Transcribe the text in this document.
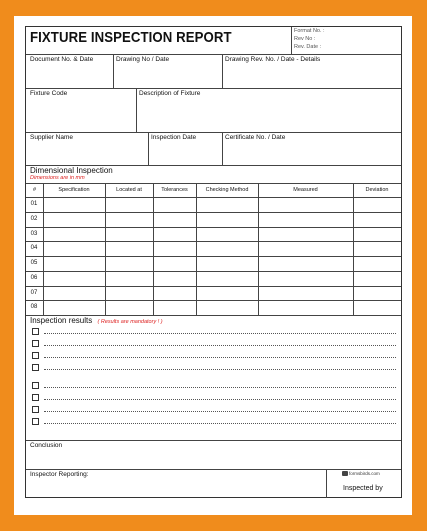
FIXTURE INSPECTION REPORT	Format No. :
Rev No :
Rev. Date :
Document No. & Date	Drawing No / Date	Drawing Rev. No. / Date - Details
Fixture Code	Description of Fixture
Supplier Name	Inspection Date	Certificate No. / Date
Dimensional Inspection
Dimensions are in mm
#	Specification	Located at	Tolerances	Checking Method	Measured	Deviation
01
02
03
04
05
06
07
08
Inspection results ( Results are mandatory ! )
Conclusion
Inspector Reporting:	formsbirds.com
Inspected by
